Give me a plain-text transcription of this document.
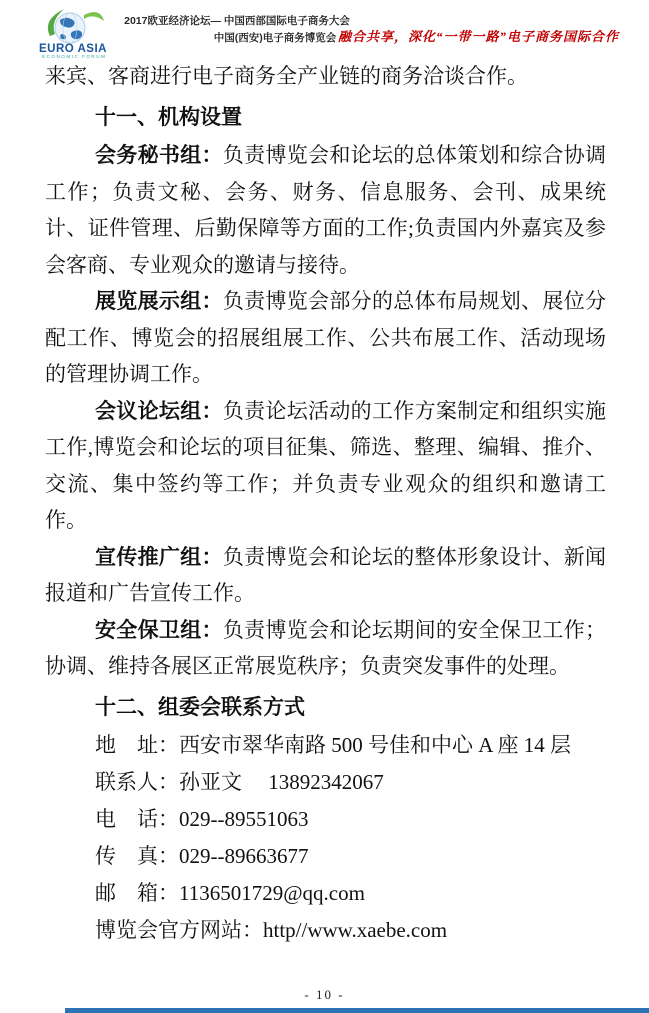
EURO ASIA
ECONOMIC FORUM
2017欧亚经济论坛— 中国西部国际电子商务大会
中国(西安)电子商务博览会 融合共享，深化“一带一路”电子商务国际合作

来宾、客商进行电子商务全产业链的商务洽谈合作。

十一、机构设置

会务秘书组：负责博览会和论坛的总体策划和综合协调工作；负责文秘、会务、财务、信息服务、会刊、成果统计、证件管理、后勤保障等方面的工作;负责国内外嘉宾及参会客商、专业观众的邀请与接待。

展览展示组：负责博览会部分的总体布局规划、展位分配工作、博览会的招展组展工作、公共布展工作、活动现场的管理协调工作。

会议论坛组：负责论坛活动的工作方案制定和组织实施工作,博览会和论坛的项目征集、筛选、整理、编辑、推介、交流、集中签约等工作；并负责专业观众的组织和邀请工作。

宣传推广组：负责博览会和论坛的整体形象设计、新闻报道和广告宣传工作。

安全保卫组：负责博览会和论坛期间的安全保卫工作；协调、维持各展区正常展览秩序；负责突发事件的处理。

十二、组委会联系方式
地　址：西安市翠华南路 500 号佳和中心 A 座 14 层
联系人：孙亚文　 13892342067
电　话：029--89551063
传　真：029--89663677
邮　箱：1136501729@qq.com
博览会官方网站：http//www.xaebe.com
- 10 -
